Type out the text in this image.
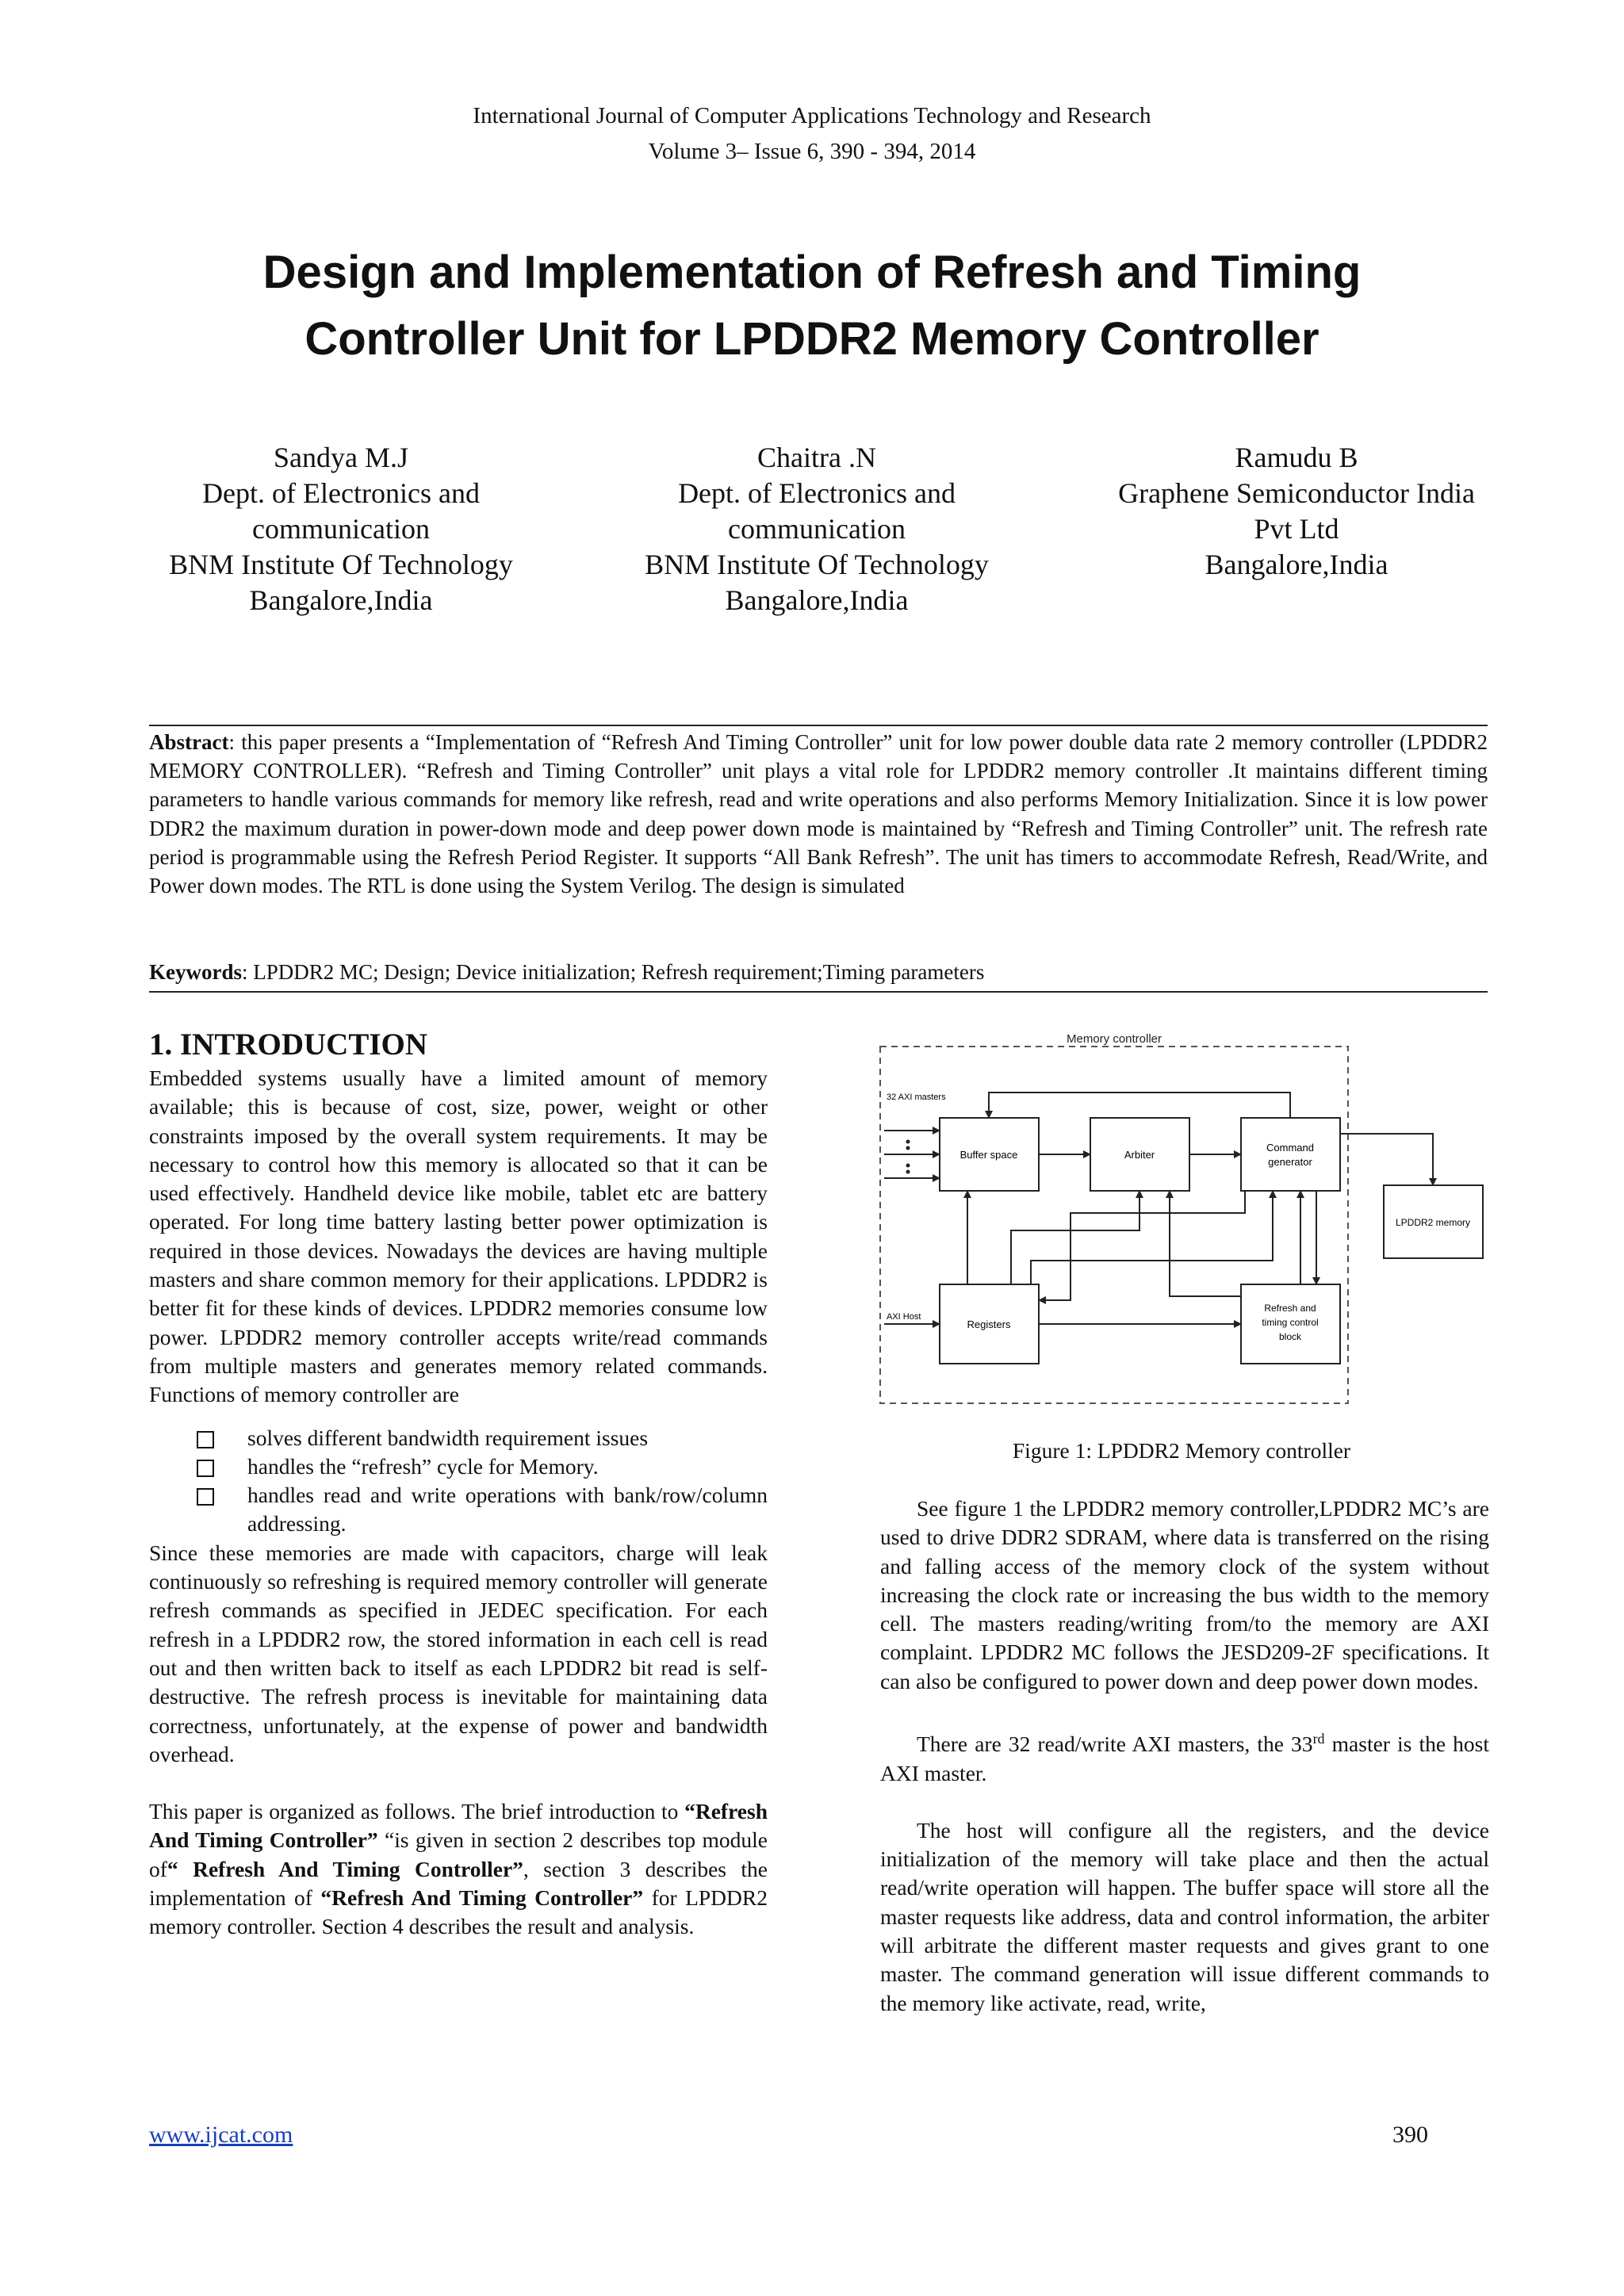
International Journal of Computer Applications Technology and Research
Volume 3– Issue 6, 390 - 394, 2014
Design and Implementation of Refresh and Timing
Controller Unit for LPDDR2 Memory Controller
Sandya M.J
Dept. of Electronics and
communication
BNM Institute Of Technology
Bangalore,India
Chaitra .N
Dept. of Electronics and
communication
BNM Institute Of Technology
Bangalore,India
Ramudu B
Graphene Semiconductor India
Pvt Ltd
Bangalore,India
Abstract: this paper presents a “Implementation of “Refresh And Timing Controller” unit for low power double data rate 2 memory controller (LPDDR2 MEMORY CONTROLLER). “Refresh and Timing Controller” unit plays a vital role for LPDDR2 memory controller .It maintains different timing parameters to handle various commands for memory like refresh, read and write operations and also performs Memory Initialization. Since it is low power DDR2 the maximum duration in power-down mode and deep power down mode is maintained by “Refresh and Timing Controller” unit. The refresh rate period is programmable using the Refresh Period Register. It supports “All Bank Refresh”. The unit has timers to accommodate Refresh, Read/Write, and Power down modes. The RTL is done using the System Verilog. The design is simulated
Keywords: LPDDR2 MC; Design; Device initialization; Refresh requirement;Timing parameters
1. INTRODUCTION

Embedded systems usually have a limited amount of memory available; this is because of cost, size, power, weight or other constraints imposed by the overall system requirements. It may be necessary to control how this memory is allocated so that it can be used effectively. Handheld device like mobile, tablet etc are battery operated. For long time battery lasting better power optimization is required in those devices. Nowadays the devices are having multiple masters and share common memory for their applications. LPDDR2 is better fit for these kinds of devices. LPDDR2 memories consume low power. LPDDR2 memory controller accepts write/read commands from multiple masters and generates memory related commands. Functions of memory controller are

solves different bandwidth requirement issues
handles the “refresh” cycle for Memory.
handles read and write operations with bank/row/column addressing.

Since these memories are made with capacitors, charge will leak continuously so refreshing is required memory controller will generate refresh commands as specified in JEDEC specification. For each refresh in a LPDDR2 row, the stored information in each cell is read out and then written back to itself as each LPDDR2 bit read is self-destructive. The refresh process is inevitable for maintaining data correctness, unfortunately, at the expense of power and bandwidth overhead.

This paper is organized as follows. The brief introduction to “Refresh And Timing Controller” “is given in section 2 describes top module of“ Refresh And Timing Controller”, section 3 describes the implementation of “Refresh And Timing Controller” for LPDDR2 memory controller. Section 4 describes the result and analysis.

Memory controller
Buffer space	Arbiter
Command
generator
LPDDR2 memory
Registers
Refresh and
timing control
block
32 AXI masters
AXI Host
Figure 1: LPDDR2 Memory controller

See figure 1 the LPDDR2 memory controller,LPDDR2 MC’s are used to drive DDR2 SDRAM, where data is transferred on the rising and falling access of the memory clock of the system without increasing the clock rate or increasing the bus width to the memory cell. The masters reading/writing from/to the memory are AXI complaint. LPDDR2 MC follows the JESD209-2F specifications. It can also be configured to power down and deep power down modes.

There are 32 read/write AXI masters, the 33rd master is the host AXI master.

The host will configure all the registers, and the device initialization of the memory will take place and then the actual read/write operation will happen. The buffer space will store all the master requests like address, data and control information, the arbiter will arbitrate the different master requests and gives grant to one master. The command generation will issue different commands to the memory like activate, read, write,

www.ijcat.com	390
